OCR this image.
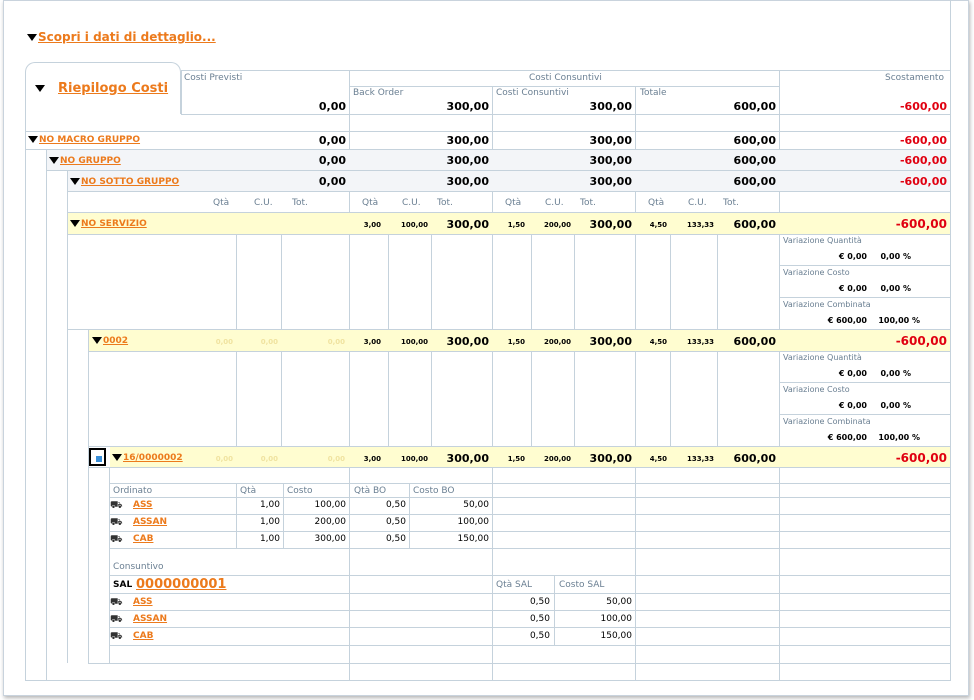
Scopri i dati di dettaglio...
Riepilogo Costi
Costi Previsti	Costi Consuntivi	Scostamento
Back Order	Costi Consuntivi	Totale
0,00	300,00	300,00	600,00	-600,00
NO MACRO GRUPPO	0,00	300,00	300,00	600,00	-600,00
NO GRUPPO	0,00	300,00	300,00	600,00	-600,00
NO SOTTO GRUPPO	0,00	300,00	300,00	600,00	-600,00
Qtà	C.U. Tot.	Qtà	C.U. Tot.	Qtà	C.U. Tot.	Qtà	C.U. Tot.
NO SERVIZIO	3,00	100,00	300,00	1,50	200,00	300,00	4,50	133,33	600,00	-600,00
Variazione Quantità
€ 0,00	0,00 %
Variazione Costo
€ 0,00	0,00 %
Variazione Combinata
€ 600,00	100,00 %
0002	0,00	0,00	0,00	3,00	100,00	300,00	1,50	200,00	300,00	4,50	133,33	600,00	-600,00
Variazione Quantità
€ 0,00	0,00 %
Variazione Costo
€ 0,00	0,00 %
Variazione Combinata
€ 600,00	100,00 %
16/0000002	0,00	0,00	0,00	3,00	100,00	300,00	1,50	200,00	300,00	4,50	133,33	600,00	-600,00
Ordinato	Qtà	Costo	Qtà BO	Costo BO
⛟ ASS	1,00	100,00	0,50	50,00
⛟ ASSAN	1,00	200,00	0,50	100,00
⛟ CAB	1,00	300,00	0,50	150,00
Consuntivo
SAL 0000000001	Qtà SAL	Costo SAL
⛟ ASS	0,50	50,00
⛟ ASSAN	0,50	100,00
⛟ CAB	0,50	150,00
